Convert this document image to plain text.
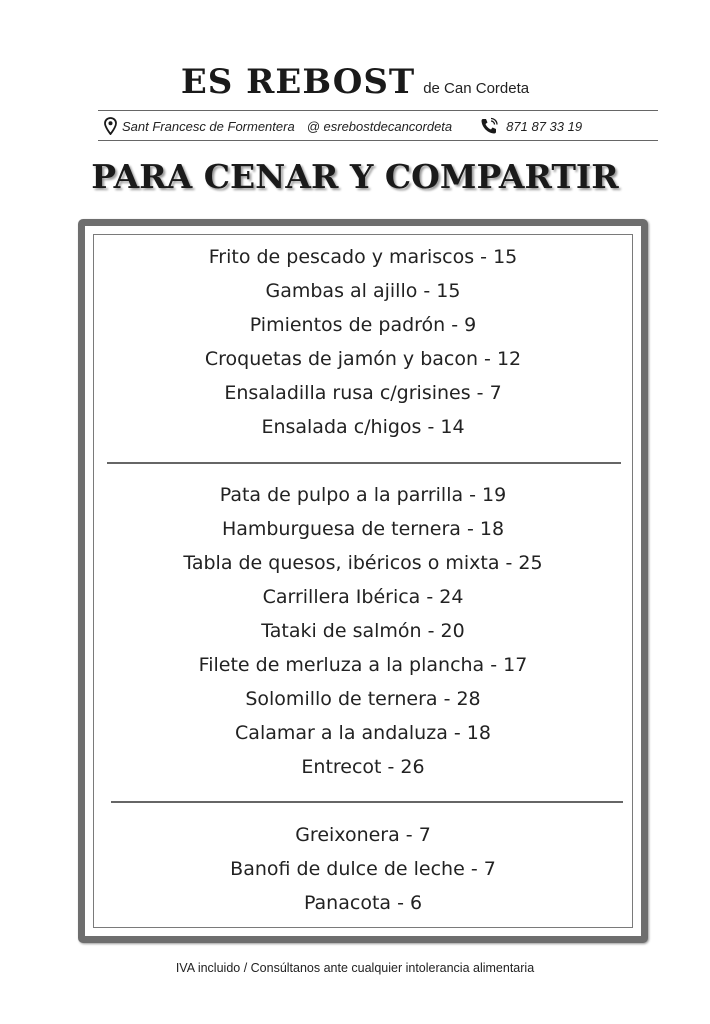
ES REBOST de Can Cordeta
Sant Francesc de Formentera @ esrebostdecancordeta	871 87 33 19
PARA CENAR Y COMPARTIR
Frito de pescado y mariscos - 15
Gambas al ajillo - 15
Pimientos de padrón - 9
Croquetas de jamón y bacon - 12
Ensaladilla rusa c/grisines - 7
Ensalada c/higos - 14
Pata de pulpo a la parrilla - 19
Hamburguesa de ternera - 18
Tabla de quesos, ibéricos o mixta - 25
Carrillera Ibérica - 24
Tataki de salmón - 20
Filete de merluza a la plancha - 17
Solomillo de ternera - 28
Calamar a la andaluza - 18
Entrecot - 26
Greixonera - 7
Banofi de dulce de leche - 7
Panacota - 6
IVA incluido / Consúltanos ante cualquier intolerancia alimentaria
